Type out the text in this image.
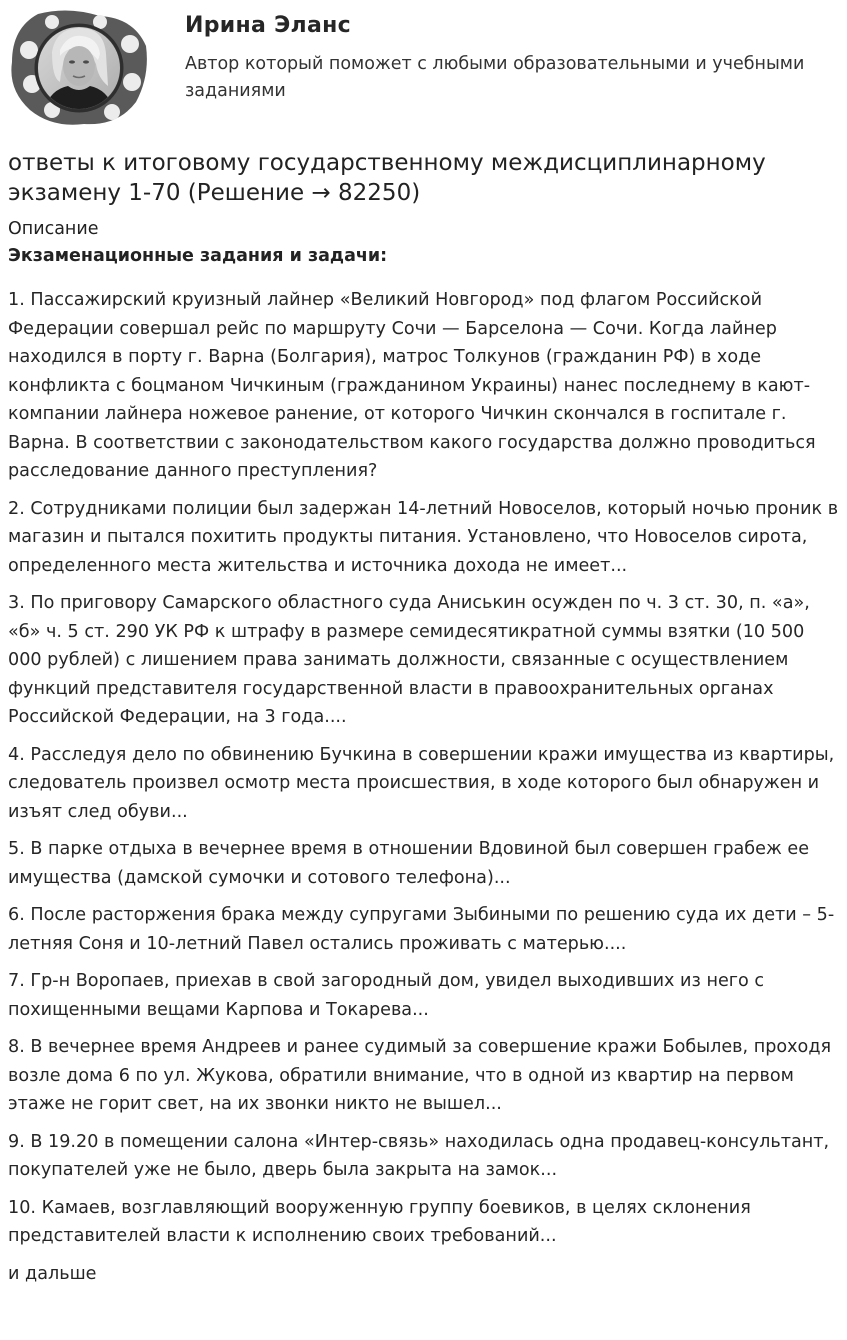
Ирина Эланс
Автор который поможет с любыми образовательными и учебными заданиями
ответы к итоговому государственному междисциплинарному экзамену 1-70 (Решение → 82250)
Описание
Экзаменационные задания и задачи:

1. Пассажирский круизный лайнер «Великий Новгород» под флагом Российской Федерации совершал рейс по маршруту Сочи — Барселона — Сочи. Когда лайнер находился в порту г. Варна (Болгария), матрос Толкунов (гражданин РФ) в ходе конфликта с боцманом Чичкиным (гражданином Украины) нанес последнему в кают-компании лайнера ножевое ранение, от которого Чичкин скончался в госпитале г. Варна. В соответствии с законодательством какого государства должно проводиться расследование данного преступления?

2. Сотрудниками полиции был задержан 14-летний Новоселов, который ночью проник в магазин и пытался похитить продукты питания. Установлено, что Новоселов сирота, определенного места жительства и источника дохода не имеет...

3. По приговору Самарского областного суда Аниськин осужден по ч. 3 ст. 30, п. «а», «б» ч. 5 ст. 290 УК РФ к штрафу в размере семидесятикратной суммы взятки (10 500 000 рублей) с лишением права занимать должности, связанные с осуществлением функций представителя государственной власти в правоохранительных органах Российской Федерации, на 3 года....

4. Расследуя дело по обвинению Бучкина в совершении кражи имущества из квартиры, следователь произвел осмотр места происшествия, в ходе которого был обнаружен и изъят след обуви...

5. В парке отдыха в вечернее время в отношении Вдовиной был совершен грабеж ее имущества (дамской сумочки и сотового телефона)...

6. После расторжения брака между супругами Зыбиными по решению суда их дети – 5-летняя Соня и 10-летний Павел остались проживать с матерью....

7. Гр-н Воропаев, приехав в свой загородный дом, увидел выходивших из него с похищенными вещами Карпова и Токарева...

8. В вечернее время Андреев и ранее судимый за совершение кражи Бобылев, проходя возле дома 6 по ул. Жукова, обратили внимание, что в одной из квартир на первом этаже не горит свет, на их звонки никто не вышел...

9. В 19.20 в помещении салона «Интер-связь» находилась одна продавец-консультант, покупателей уже не было, дверь была закрыта на замок...

10. Камаев, возглавляющий вооруженную группу боевиков, в целях склонения представителей власти к исполнению своих требований...

и дальше
